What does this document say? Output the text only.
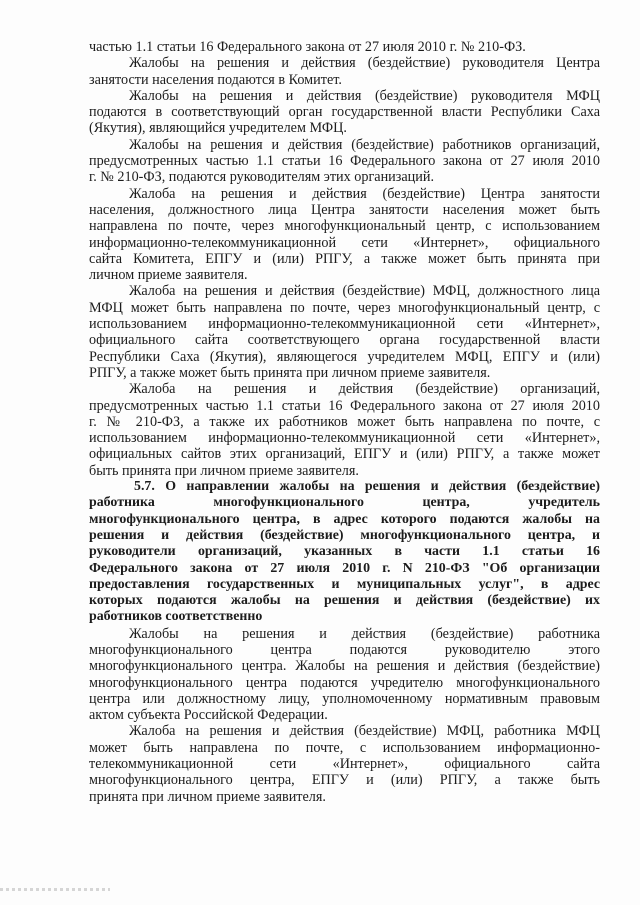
частью 1.1 статьи 16 Федерального закона от 27 июля 2010 г. № 210-ФЗ.
Жалобы на решения и действия (бездействие) руководителя Центра
занятости населения подаются в Комитет.
Жалобы на решения и действия (бездействие) руководителя МФЦ
подаются в соответствующий орган государственной власти Республики Саха
(Якутия), являющийся учредителем МФЦ.
Жалобы на решения и действия (бездействие) работников организаций,
предусмотренных частью 1.1 статьи 16 Федерального закона от 27 июля 2010
г. № 210-ФЗ, подаются руководителям этих организаций.
Жалоба на решения и действия (бездействие) Центра занятости
населения, должностного лица Центра занятости населения может быть
направлена по почте, через многофункциональный центр, с использованием
информационно-телекоммуникационной сети «Интернет», официального
сайта Комитета, ЕПГУ и (или) РПГУ, а также может быть принята при
личном приеме заявителя.
Жалоба на решения и действия (бездействие) МФЦ, должностного лица
МФЦ может быть направлена по почте, через многофункциональный центр, с
использованием информационно-телекоммуникационной сети «Интернет»,
официального сайта соответствующего органа государственной власти
Республики Саха (Якутия), являющегося учредителем МФЦ, ЕПГУ и (или)
РПГУ, а также может быть принята при личном приеме заявителя.
Жалоба на решения и действия (бездействие) организаций,
предусмотренных частью 1.1 статьи 16 Федерального закона от 27 июля 2010
г. № 210-ФЗ, а также их работников может быть направлена по почте, с
использованием информационно-телекоммуникационной сети «Интернет»,
официальных сайтов этих организаций, ЕПГУ и (или) РПГУ, а также может
быть принята при личном приеме заявителя.
5.7. О направлении жалобы на решения и действия (бездействие)
работника многофункционального центра, учредитель
многофункционального центра, в адрес которого подаются жалобы на
решения и действия (бездействие) многофункционального центра, и
руководители организаций, указанных в части 1.1 статьи 16
Федерального закона от 27 июля 2010 г. N 210-ФЗ "Об организации
предоставления государственных и муниципальных услуг", в адрес
которых подаются жалобы на решения и действия (бездействие) их
работников соответственно
Жалобы на решения и действия (бездействие) работника
многофункционального центра подаются руководителю этого
многофункционального центра. Жалобы на решения и действия (бездействие)
многофункционального центра подаются учредителю многофункционального
центра или должностному лицу, уполномоченному нормативным правовым
актом субъекта Российской Федерации.
Жалоба на решения и действия (бездействие) МФЦ, работника МФЦ
может быть направлена по почте, с использованием информационно-
телекоммуникационной сети «Интернет», официального сайта
многофункционального центра, ЕПГУ и (или) РПГУ, а также быть
принята при личном приеме заявителя.
